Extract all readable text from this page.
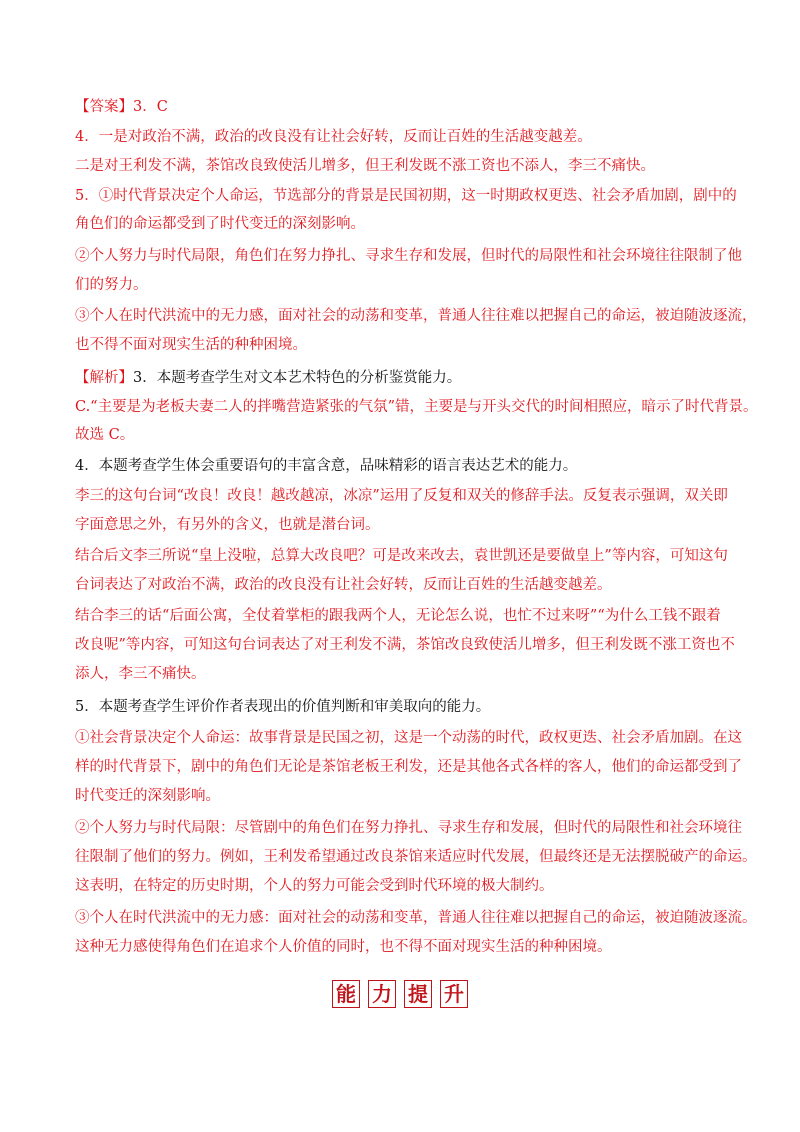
【答案】3．C
4．一是对政治不满，政治的改良没有让社会好转，反而让百姓的生活越变越差。
二是对王利发不满，茶馆改良致使活儿增多，但王利发既不涨工资也不添人，李三不痛快。
5．①时代背景决定个人命运，节选部分的背景是民国初期，这一时期政权更迭、社会矛盾加剧，剧中的
角色们的命运都受到了时代变迁的深刻影响。
②个人努力与时代局限，角色们在努力挣扎、寻求生存和发展，但时代的局限性和社会环境往往限制了他
们的努力。
③个人在时代洪流中的无力感，面对社会的动荡和变革，普通人往往难以把握自己的命运，被迫随波逐流，
也不得不面对现实生活的种种困境。
【解析】3．本题考查学生对文本艺术特色的分析鉴赏能力。
C.“主要是为老板夫妻二人的拌嘴营造紧张的气氛”错，主要是与开头交代的时间相照应，暗示了时代背景。
故选 C。
4．本题考查学生体会重要语句的丰富含意，品味精彩的语言表达艺术的能力。
李三的这句台词“改良！改良！越改越凉，冰凉”运用了反复和双关的修辞手法。反复表示强调，双关即
字面意思之外，有另外的含义，也就是潜台词。
结合后文李三所说“皇上没啦，总算大改良吧？可是改来改去，袁世凯还是要做皇上”等内容，可知这句
台词表达了对政治不满，政治的改良没有让社会好转，反而让百姓的生活越变越差。
结合李三的话“后面公寓，全仗着掌柜的跟我两个人，无论怎么说，也忙不过来呀”“为什么工钱不跟着
改良呢”等内容，可知这句台词表达了对王利发不满，茶馆改良致使活儿增多，但王利发既不涨工资也不
添人，李三不痛快。
5．本题考查学生评价作者表现出的价值判断和审美取向的能力。
①社会背景决定个人命运：故事背景是民国之初，这是一个动荡的时代，政权更迭、社会矛盾加剧。在这
样的时代背景下，剧中的角色们无论是茶馆老板王利发，还是其他各式各样的客人，他们的命运都受到了
时代变迁的深刻影响。
②个人努力与时代局限：尽管剧中的角色们在努力挣扎、寻求生存和发展，但时代的局限性和社会环境往
往限制了他们的努力。例如，王利发希望通过改良茶馆来适应时代发展，但最终还是无法摆脱破产的命运。
这表明，在特定的历史时期，个人的努力可能会受到时代环境的极大制约。
③个人在时代洪流中的无力感：面对社会的动荡和变革，普通人往往难以把握自己的命运，被迫随波逐流。
这种无力感使得角色们在追求个人价值的同时，也不得不面对现实生活的种种困境。
能 力 提 升
